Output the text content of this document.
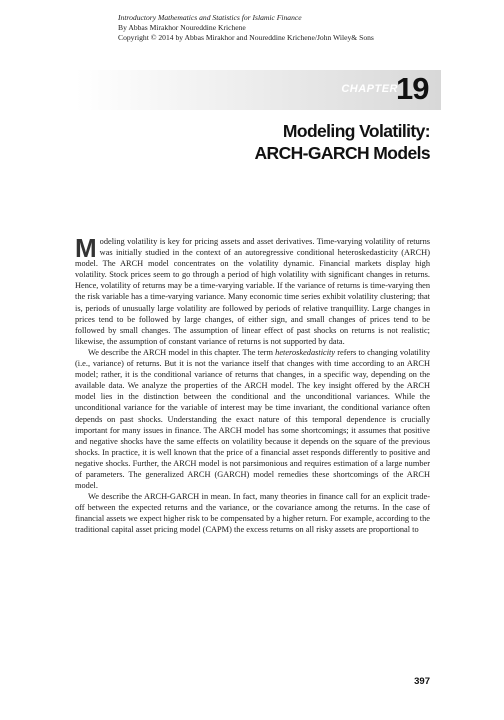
Introductory Mathematics and Statistics for Islamic Finance
By Abbas Mirakhor Noureddine Krichene
Copyright © 2014 by Abbas Mirakhor and Noureddine Krichene/John Wiley& Sons
CHAPTER
19
Modeling Volatility:
ARCH-GARCH Models

Modeling volatility is key for pricing assets and asset derivatives. Time-varying volatility of returns was initially studied in the context of an autoregressive conditional heteroskedasticity (ARCH) model. The ARCH model concentrates on the volatility dynamic. Financial markets display high volatility. Stock prices seem to go through a period of high volatility with significant changes in returns. Hence, volatility of returns may be a time-varying variable. If the variance of returns is time-varying then the risk variable has a time-varying variance. Many economic time series exhibit volatility clustering; that is, periods of unusually large volatility are followed by periods of relative tranquillity. Large changes in prices tend to be followed by large changes, of either sign, and small changes of prices tend to be followed by small changes. The assumption of linear effect of past shocks on returns is not realistic; likewise, the assumption of constant variance of returns is not supported by data.

We describe the ARCH model in this chapter. The term heteroskedasticity refers to changing volatility (i.e., variance) of returns. But it is not the variance itself that changes with time according to an ARCH model; rather, it is the conditional variance of returns that changes, in a specific way, depending on the available data. We analyze the properties of the ARCH model. The key insight offered by the ARCH model lies in the distinction between the conditional and the unconditional variances. While the unconditional variance for the variable of interest may be time invariant, the conditional variance often depends on past shocks. Understanding the exact nature of this temporal dependence is crucially important for many issues in finance. The ARCH model has some shortcomings; it assumes that positive and negative shocks have the same effects on volatility because it depends on the square of the previous shocks. In practice, it is well known that the price of a financial asset responds differently to positive and negative shocks. Further, the ARCH model is not parsimonious and requires estimation of a large number of parameters. The generalized ARCH (GARCH) model remedies these shortcomings of the ARCH model.

We describe the ARCH-GARCH in mean. In fact, many theories in finance call for an explicit trade-off between the expected returns and the variance, or the covariance among the returns. In the case of financial assets we expect higher risk to be compensated by a higher return. For example, according to the traditional capital asset pricing model (CAPM) the excess returns on all risky assets are proportional to

397
